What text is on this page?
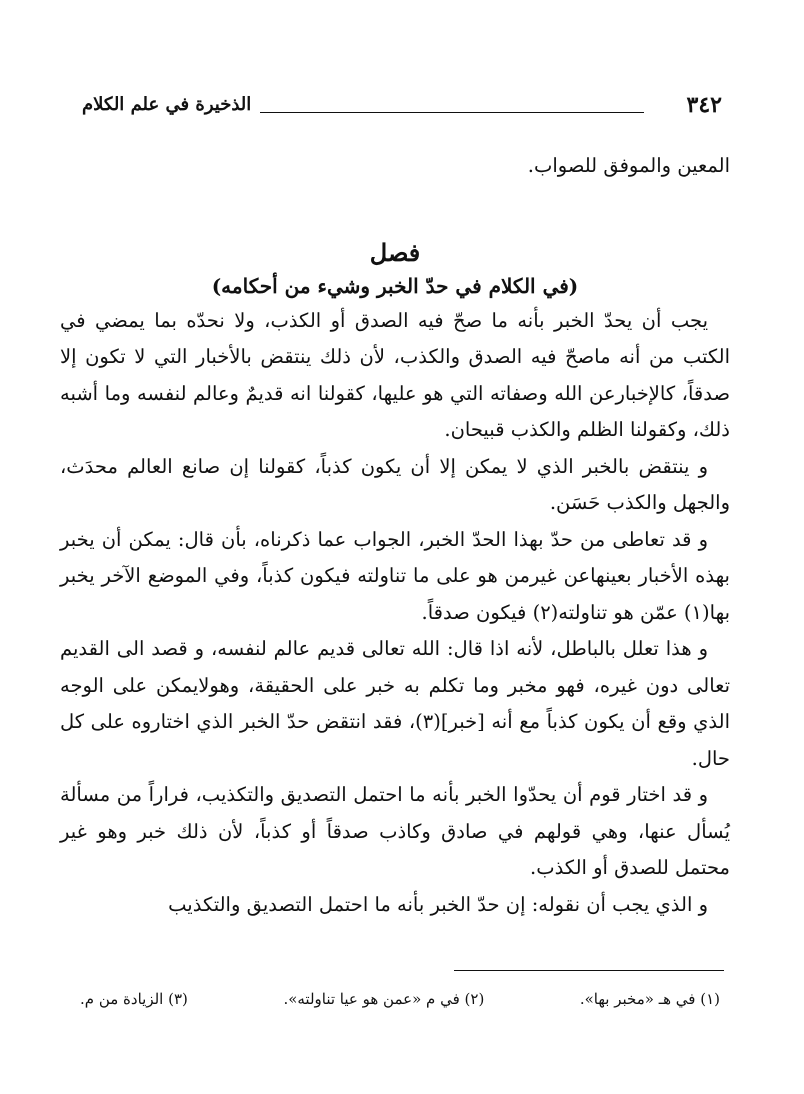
٣٤٢
الذخيرة في علم الكلام

المعين والموفق للصواب.

فصل
(في الكلام في حدّ الخبر وشيء من أحكامه)

يجب أن يحدّ الخبر بأنه ما صحّ فيه الصدق أو الكذب، ولا نحدّه بما يمضي في الكتب من أنه ماصحّ فيه الصدق والكذب، لأن ذلك ينتقض بالأخبار التي لا تكون إلا صدقاً، كالإخبارعن الله وصفاته التي هو عليها، كقولنا انه قديمٌ وعالم لنفسه وما أشبه ذلك، وكقولنا الظلم والكذب قبيحان.

و ينتقض بالخبر الذي لا يمكن إلا أن يكون كذباً، كقولنا إن صانع العالم محدَث، والجهل والكذب حَسَن.

و قد تعاطى من حدّ بهذا الحدّ الخبر، الجواب عما ذكرناه، بأن قال: يمكن أن يخبر بهذه الأخبار بعينهاعن غيرمن هو على ما تناولته فيكون كذباً، وفي الموضع الآخر يخبر بها(١) عمّن هو تناولته(٢) فيكون صدقاً.

و هذا تعلل بالباطل، لأنه اذا قال: الله تعالى قديم عالم لنفسه، و قصد الى القديم تعالى دون غيره، فهو مخبر وما تكلم به خبر على الحقيقة، وهولايمكن على الوجه الذي وقع أن يكون كذباً مع أنه [خبر](٣)، فقد انتقض حدّ الخبر الذي اختاروه على كل حال.

و قد اختار قوم أن يحدّوا الخبر بأنه ما احتمل التصديق والتكذيب، فراراً من مسألة يُسأل عنها، وهي قولهم في صادق وكاذب صدقاً أو كذباً، لأن ذلك خبر وهو غير محتمل للصدق أو الكذب.

و الذي يجب أن نقوله: إن حدّ الخبر بأنه ما احتمل التصديق والتكذيب

(١) في هـ «مخبر بها».
(٢) في م «عمن هو عيا تناولته».
(٣) الزيادة من م.
